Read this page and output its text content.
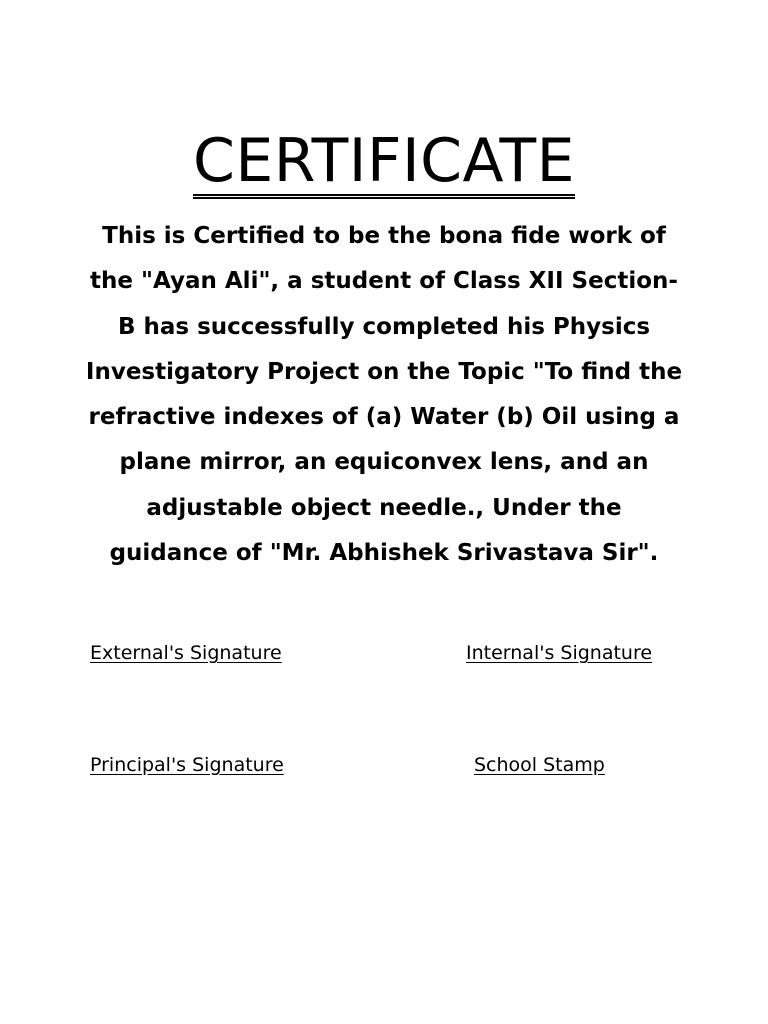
CERTIFICATE

This is Certified to be the bona fide work of the "Ayan Ali", a student of Class XII Section-B has successfully completed his Physics Investigatory Project on the Topic "To find the refractive indexes of (a) Water (b) Oil using a plane mirror, an equiconvex lens, and an adjustable object needle., Under the guidance of "Mr. Abhishek Srivastava Sir".

External's Signature	Internal's Signature
Principal's Signature	School Stamp
